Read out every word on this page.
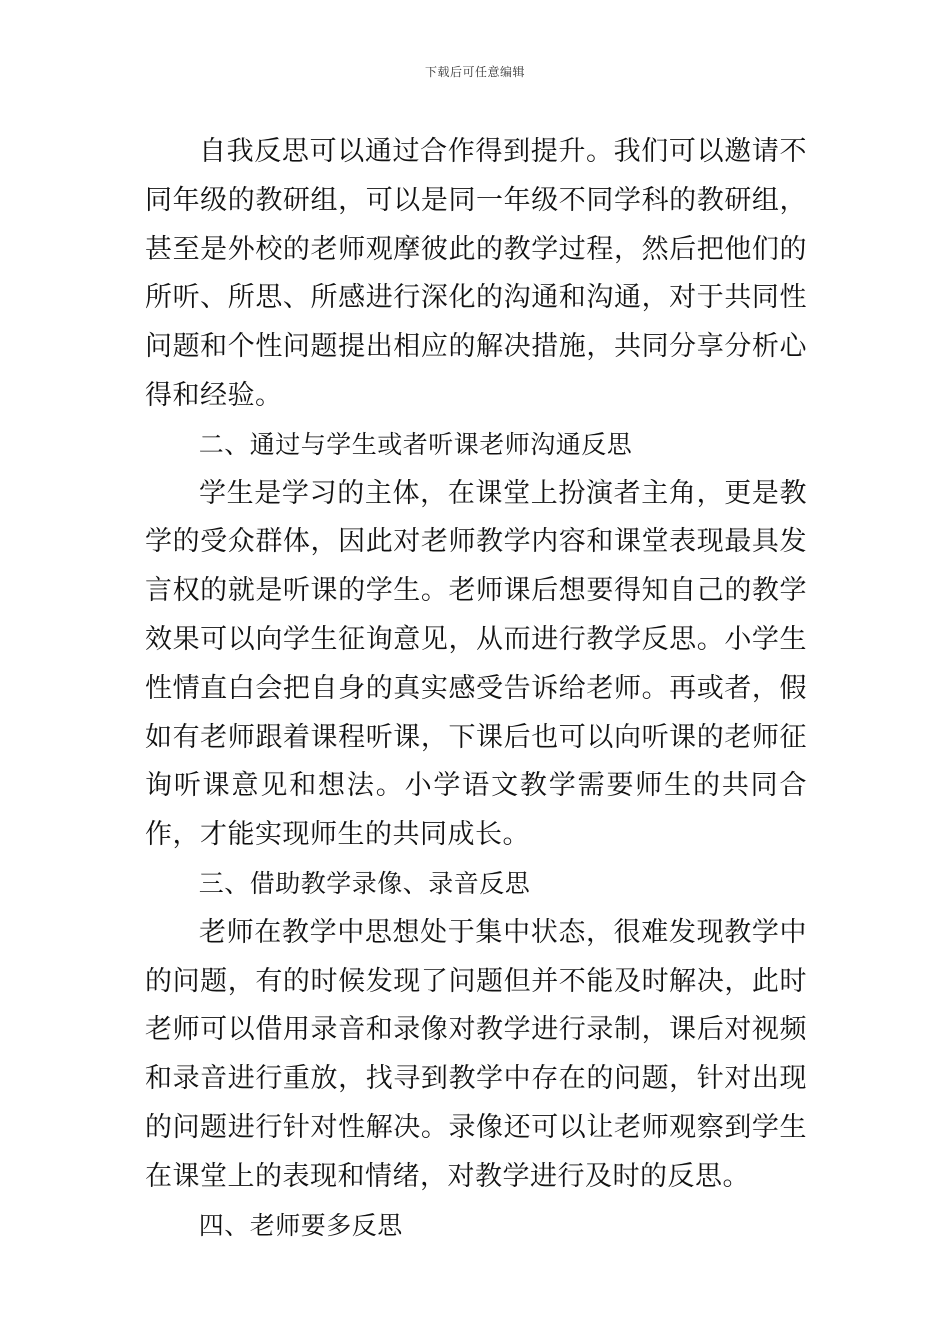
下载后可任意编辑

自我反思可以通过合作得到提升。我们可以邀请不同年级的教研组，可以是同一年级不同学科的教研组，甚至是外校的老师观摩彼此的教学过程，然后把他们的所听、所思、所感进行深化的沟通和沟通，对于共同性问题和个性问题提出相应的解决措施，共同分享分析心得和经验。

二、通过与学生或者听课老师沟通反思

学生是学习的主体，在课堂上扮演者主角，更是教学的受众群体，因此对老师教学内容和课堂表现最具发言权的就是听课的学生。老师课后想要得知自己的教学效果可以向学生征询意见，从而进行教学反思。小学生性情直白会把自身的真实感受告诉给老师。再或者，假如有老师跟着课程听课，下课后也可以向听课的老师征询听课意见和想法。小学语文教学需要师生的共同合作，才能实现师生的共同成长。

三、借助教学录像、录音反思

老师在教学中思想处于集中状态，很难发现教学中的问题，有的时候发现了问题但并不能及时解决，此时老师可以借用录音和录像对教学进行录制，课后对视频和录音进行重放，找寻到教学中存在的问题，针对出现的问题进行针对性解决。录像还可以让老师观察到学生在课堂上的表现和情绪，对教学进行及时的反思。

四、老师要多反思
